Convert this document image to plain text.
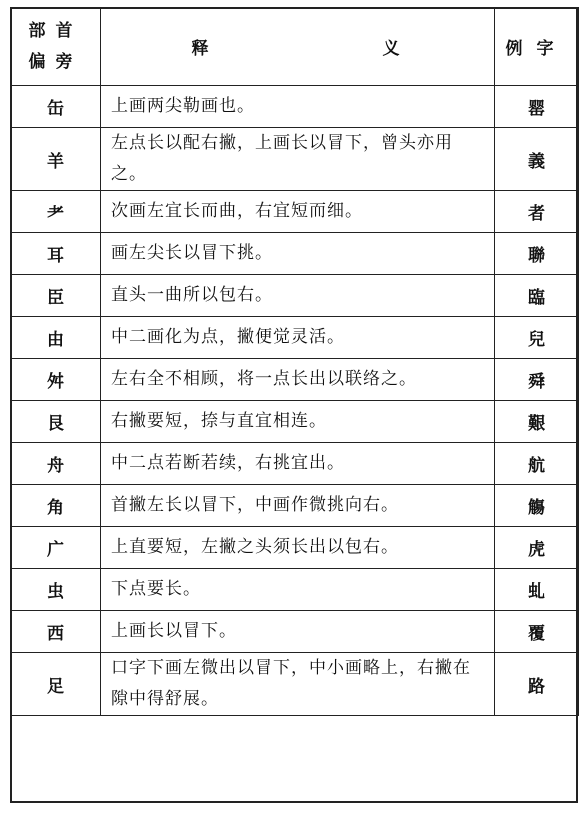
部首
偏旁	释 义	例字
缶	上画两尖勒画也。	罂
羊	左点长以配右撇，上画长以冒下，曾头亦用之。	義
耂	次画左宜长而曲，右宜短而细。	者
耳	画左尖长以冒下挑。	聯
臣	直头一曲所以包右。	臨
由	中二画化为点，撇便觉灵活。	兒
舛	左右全不相顾，将一点长出以联络之。	舜
艮	右撇要短，捺与直宜相连。	艱
舟	中二点若断若续，右挑宜出。	航
角	首撇左长以冒下，中画作微挑向右。	觴
广	上直要短，左撇之头须长出以包右。	虎
虫	下点要长。	虬
西	上画长以冒下。	覆
足	口字下画左微出以冒下，中小画略上，右撇在隙中得舒展。	路
